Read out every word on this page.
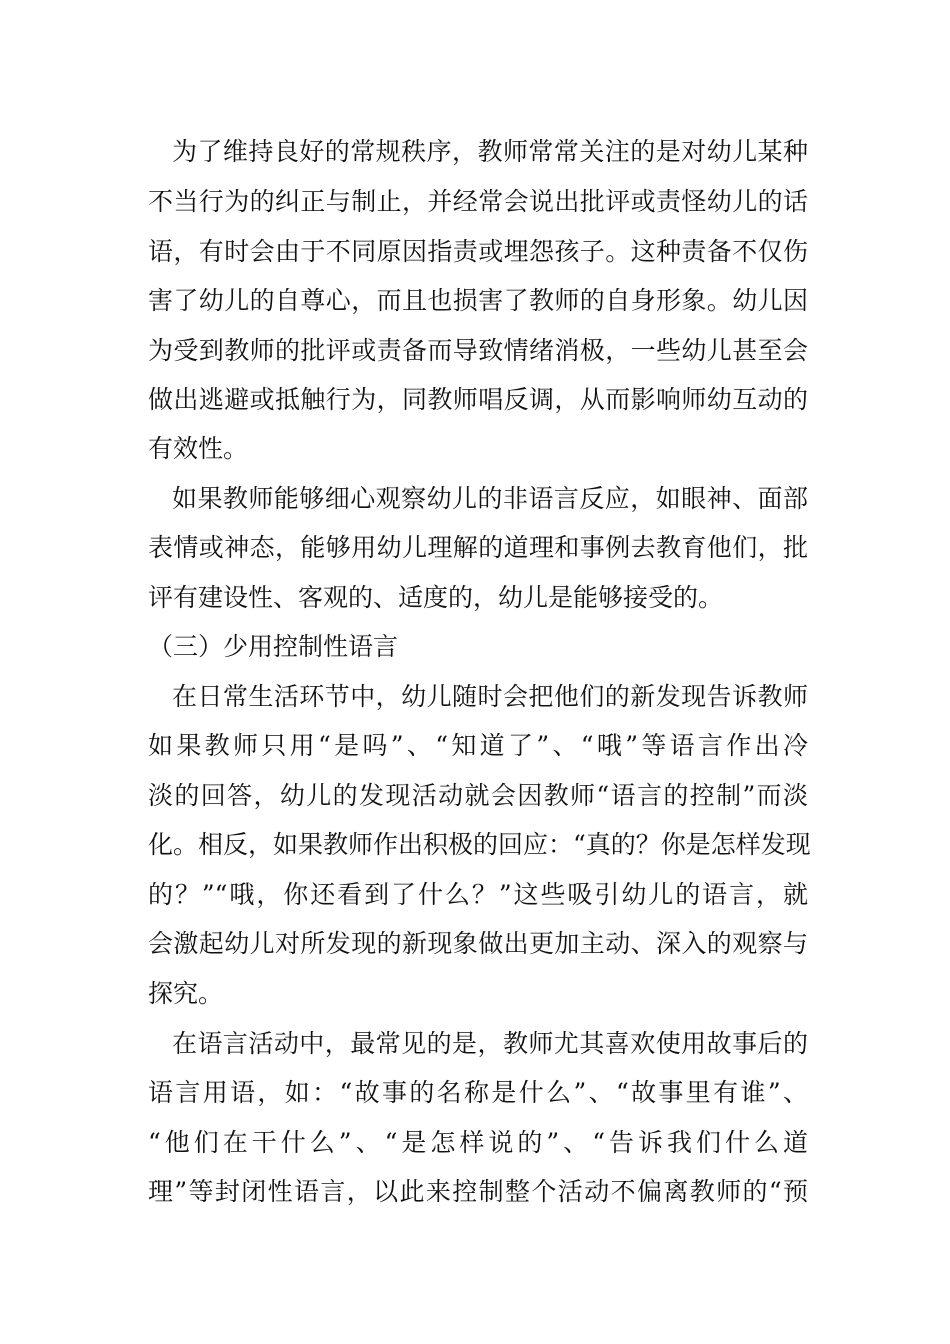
为了维持良好的常规秩序，教师常常关注的是对幼儿某种
不当行为的纠正与制止，并经常会说出批评或责怪幼儿的话
语，有时会由于不同原因指责或埋怨孩子。这种责备不仅伤
害了幼儿的自尊心，而且也损害了教师的自身形象。幼儿因
为受到教师的批评或责备而导致情绪消极，一些幼儿甚至会
做出逃避或抵触行为，同教师唱反调，从而影响师幼互动的
有效性。
如果教师能够细心观察幼儿的非语言反应，如眼神、面部
表情或神态，能够用幼儿理解的道理和事例去教育他们，批
评有建设性、客观的、适度的，幼儿是能够接受的。
（三）少用控制性语言
在日常生活环节中，幼儿随时会把他们的新发现告诉教师
如果教师只用“是吗”、“知道了”、“哦”等语言作出冷
淡的回答，幼儿的发现活动就会因教师“语言的控制”而淡
化。相反，如果教师作出积极的回应：“真的？你是怎样发现
的？”“哦，你还看到了什么？”这些吸引幼儿的语言，就
会激起幼儿对所发现的新现象做出更加主动、深入的观察与
探究。
在语言活动中，最常见的是，教师尤其喜欢使用故事后的
语言用语，如：“故事的名称是什么”、“故事里有谁”、
“他们在干什么”、“是怎样说的”、“告诉我们什么道
理”等封闭性语言，以此来控制整个活动不偏离教师的“预
